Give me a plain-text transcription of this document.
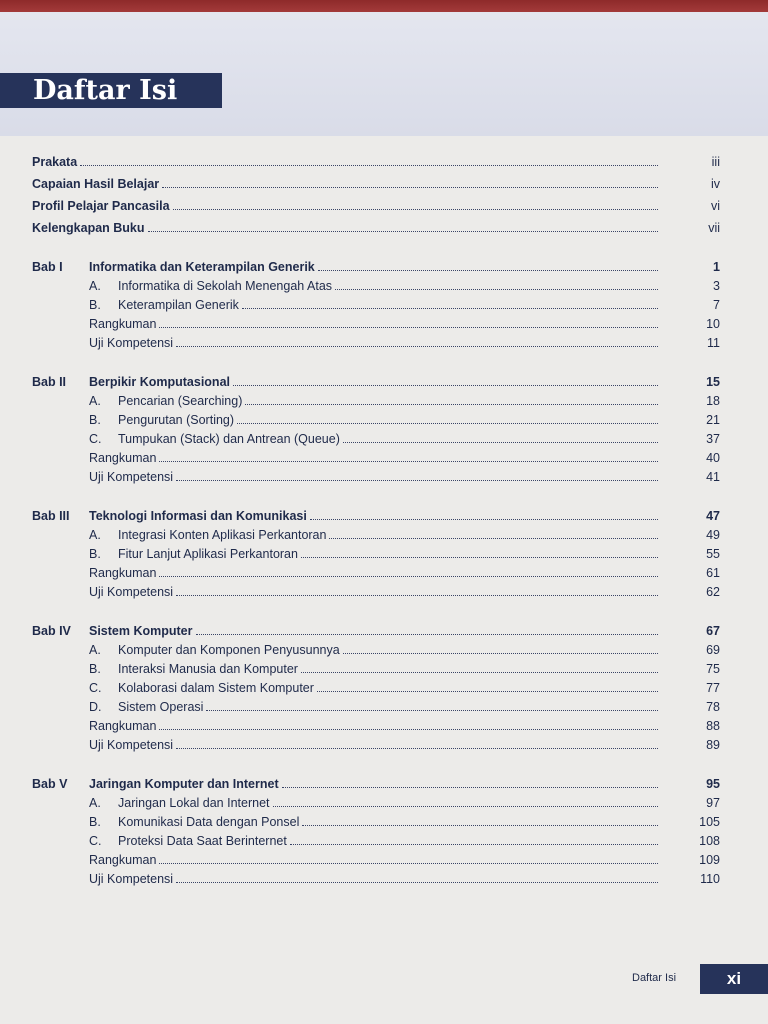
Daftar Isi
Prakata	iii
Capaian Hasil Belajar	iv
Profil Pelajar Pancasila	vi
Kelengkapan Buku	vii
Bab I	Informatika dan Keterampilan Generik	1
A.	Informatika di Sekolah Menengah Atas	3
B.	Keterampilan Generik	7
Rangkuman	10
Uji Kompetensi	11
Bab II	Berpikir Komputasional	15
A.	Pencarian (Searching)	18
B.	Pengurutan (Sorting)	21
C.	Tumpukan (Stack) dan Antrean (Queue)	37
Rangkuman	40
Uji Kompetensi	41
Bab III	Teknologi Informasi dan Komunikasi	47
A.	Integrasi Konten Aplikasi Perkantoran	49
B.	Fitur Lanjut Aplikasi Perkantoran	55
Rangkuman	61
Uji Kompetensi	62
Bab IV	Sistem Komputer	67
A.	Komputer dan Komponen Penyusunnya	69
B.	Interaksi Manusia dan Komputer	75
C.	Kolaborasi dalam Sistem Komputer	77
D.	Sistem Operasi	78
Rangkuman	88
Uji Kompetensi	89
Bab V	Jaringan Komputer dan Internet	95
A.	Jaringan Lokal dan Internet	97
B.	Komunikasi Data dengan Ponsel	105
C.	Proteksi Data Saat Berinternet	108
Rangkuman	109
Uji Kompetensi	110
Daftar Isi	xi
